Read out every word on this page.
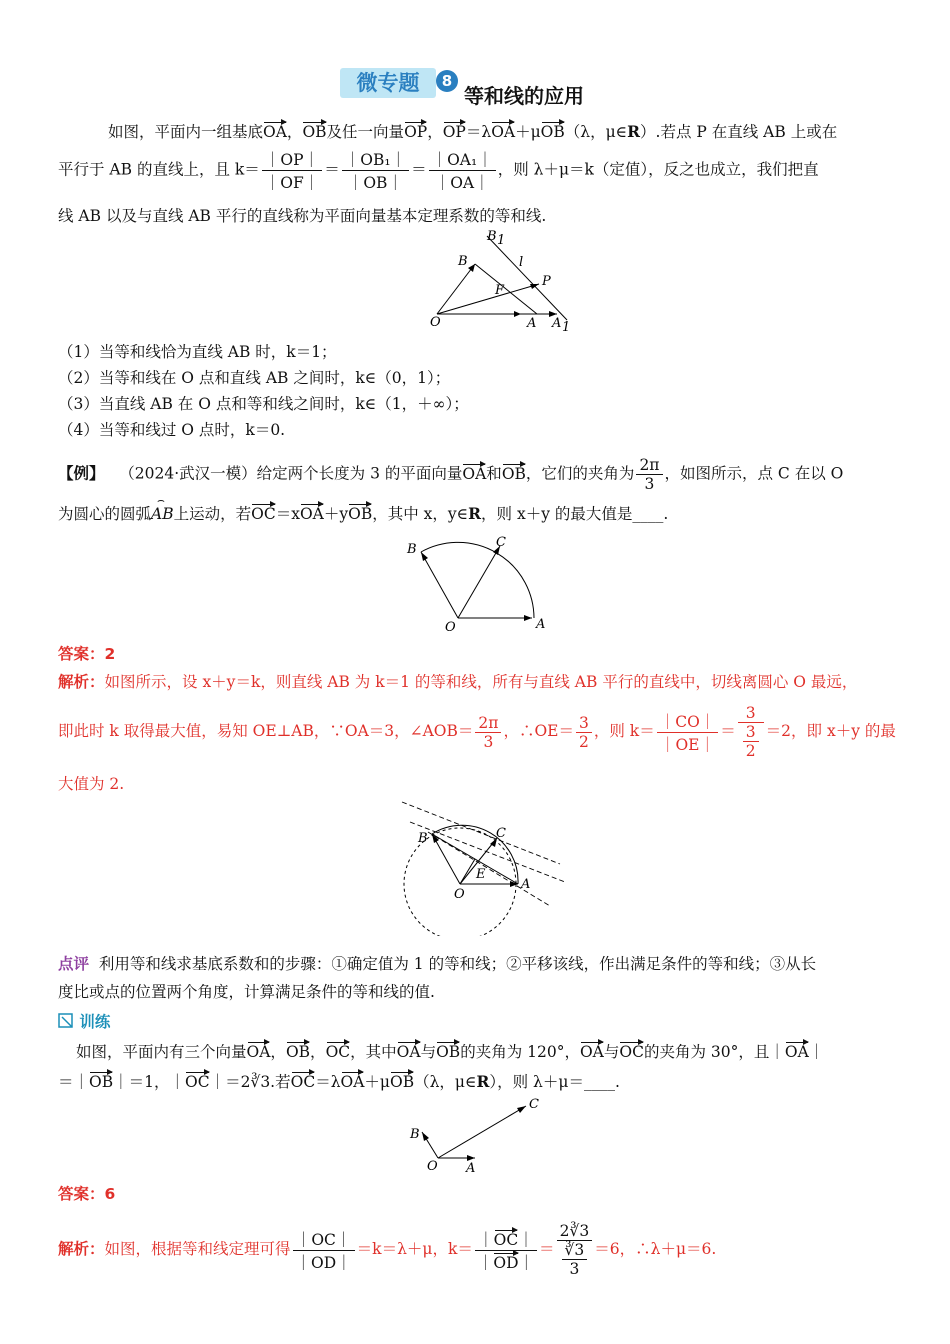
微专题	8
等和线的应用
如图，平面内一组基底OA，OB及任一向量OP，OP＝λOA＋μOB（λ，μ∈R）.若点 P 在直线 AB 上或在
平行于 AB 的直线上，且 $k= \frac{|OP|}{|OF|} = \frac{\text{｜OB₁｜}}{|OB|} = \frac{\text{｜OA₁｜}}{|OA|}$ ，则 λ＋μ＝k（定值），反之也成立，我们把直
线 AB 以及与直线 AB 平行的直线称为平面向量基本定理系数的等和线.
B 1
B	l
P
F
O	A A 1
（1）当等和线恰为直线 AB 时，k＝1；
（2）当等和线在 O 点和直线 AB 之间时，k∈（0，1）；
（3）当直线 AB 在 O 点和等和线之间时，k∈（1，＋∞）；
（4）当等和线过 O 点时，k＝0.
【例】 （2024·武汉一模）给定两个长度为 3 的平面向量OA和OB，它们的夹角为 $\frac{2\pi}{3}$ ，如图所示，点 C 在以 O
为圆心的圆弧
⌢
AB上运动，若OC＝xOA＋yOB，其中 x，y∈R，则 x＋y 的最大值是____.
B	C
O	A
答案：2
解析：如图所示，设 x＋y＝k，则直线 AB 为 k＝1 的等和线，所有与直线 AB 平行的直线中，切线离圆心 O 最远，
即此时 k 取得最大值，易知 OE⊥AB，∵OA＝3，∠AOB＝ $\frac{2\pi}{3}$ ，∴OE＝ $\frac{3}{2}$ ，则 $k= \frac{|CO|}{|OE|} = \frac{3}{\frac{3}{2}} =2$，即 x＋y 的最
大值为 2.
B	C
E
O
A
点评 利用等和线求基底系数和的步骤：①确定值为 1 的等和线；②平移该线，作出满足条件的等和线；③从长
度比或点的位置两个角度，计算满足条件的等和线的值.
训练
如图，平面内有三个向量OA，OB，OC，其中OA与OB的夹角为 120°，OA与OC的夹角为 30°，且｜OA｜
＝｜OB｜＝1，｜OC｜＝2∛3.若OC＝λOA＋μOB（λ，μ∈R），则 λ＋μ＝____.
C
B
O A
答案：6
解析：如图，根据等和线定理可得 $\frac{|OC|}{|OD|} =k=\lambda+\mu$，$k= \frac{|OC|}{|OD|} = \frac{2∛3}{\frac{∛3}{3}} =6$，∴λ＋μ＝6.
